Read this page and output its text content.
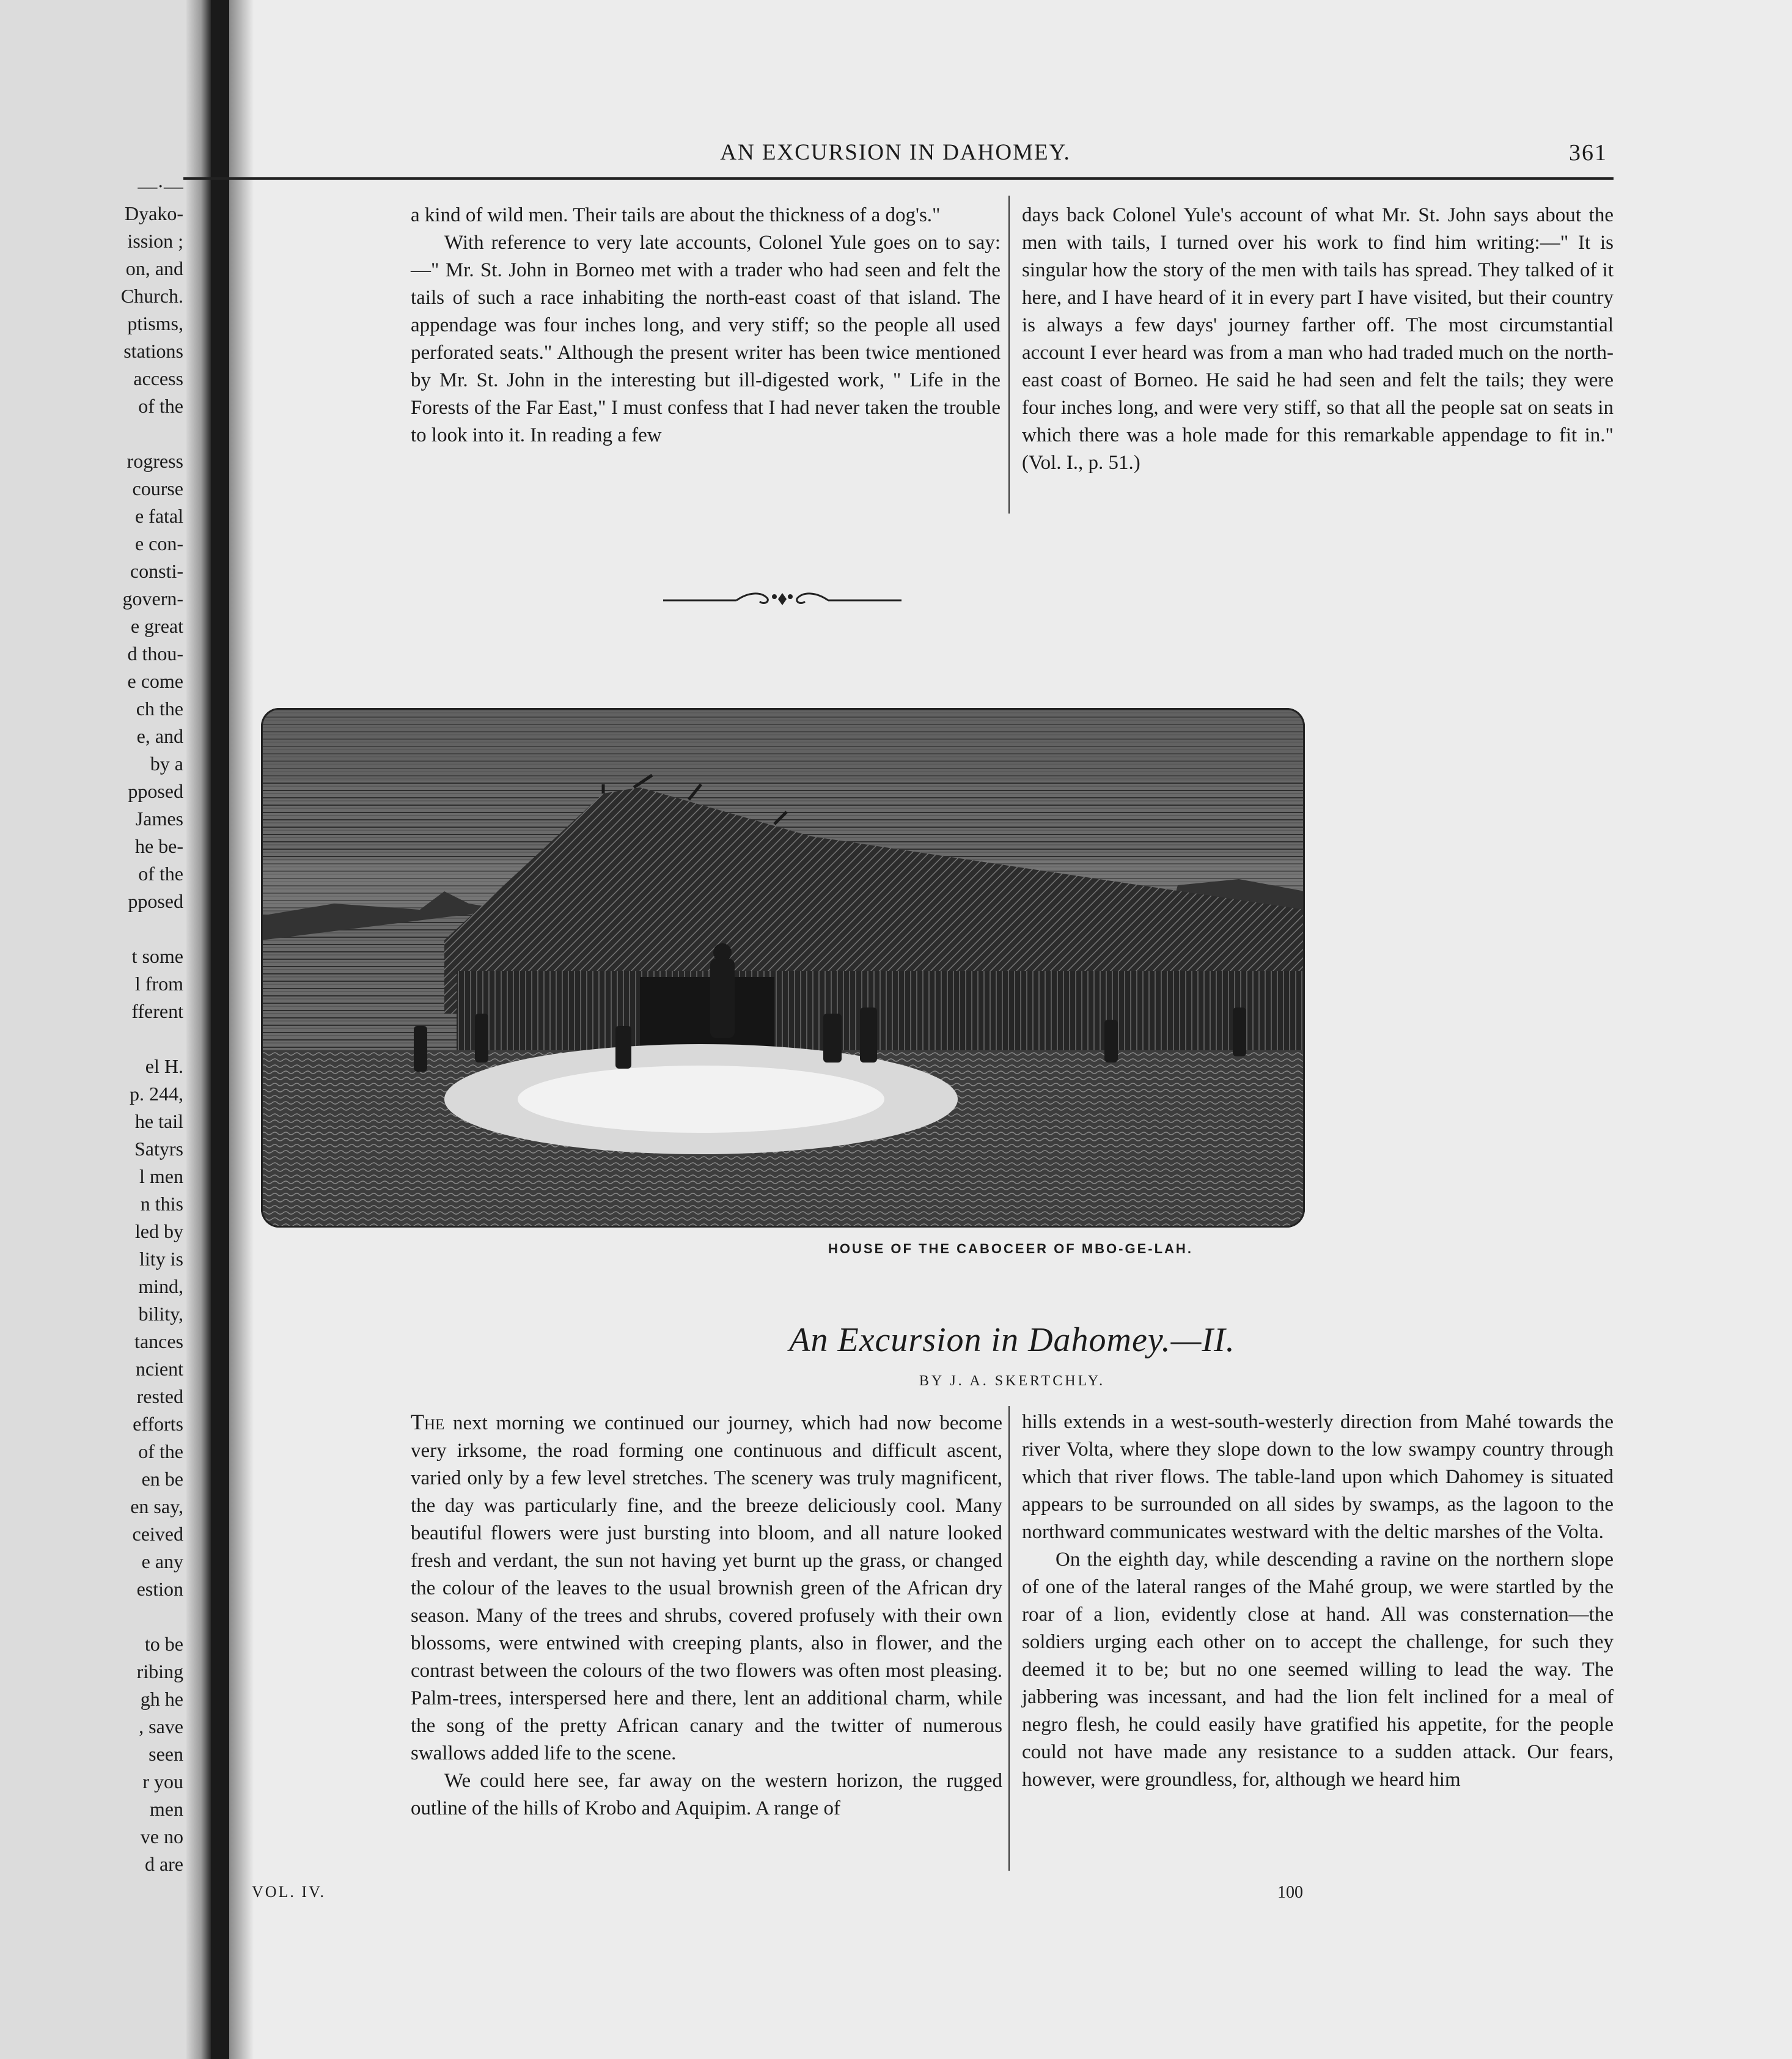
—·—
Dyako-
ission ;
on, and
Church.
ptisms,
stations
access
of the
rogress
course
e fatal
e con-
consti-
govern-
e great
d thou-
e come
ch the
e, and
by a
pposed
James
he be-
of the
pposed
t some
l from
fferent
el H.
p. 244,
he tail
Satyrs
l men
n this
led by
lity is
mind,
bility,
tances
ncient
rested
efforts
of the
en be
en say,
ceived
e any
estion
to be
ribing
gh he
, save
seen
r you
men
ve no
d are
AN EXCURSION IN DAHOMEY.	361

a kind of wild men. Their tails are about the thickness of a dog's."

With reference to very late accounts, Colonel Yule goes on to say:—" Mr. St. John in Borneo met with a trader who had seen and felt the tails of such a race inhabiting the north-east coast of that island. The appendage was four inches long, and very stiff; so the people all used perforated seats." Although the present writer has been twice mentioned by Mr. St. John in the interesting but ill-digested work, " Life in the Forests of the Far East," I must confess that I had never taken the trouble to look into it. In reading a few

days back Colonel Yule's account of what Mr. St. John says about the men with tails, I turned over his work to find him writing:—" It is singular how the story of the men with tails has spread. They talked of it here, and I have heard of it in every part I have visited, but their country is always a few days' journey farther off. The most circumstantial account I ever heard was from a man who had traded much on the north-east coast of Borneo. He said he had seen and felt the tails; they were four inches long, and were very stiff, so that all the people sat on seats in which there was a hole made for this remarkable appendage to fit in." (Vol. I., p. 51.)

HOUSE OF THE CABOCEER OF MBO-GE-LAH.
An Excursion in Dahomey.—II.
BY J. A. SKERTCHLY.

The next morning we continued our journey, which had now become very irksome, the road forming one continuous and difficult ascent, varied only by a few level stretches. The scenery was truly magnificent, the day was particularly fine, and the breeze deliciously cool. Many beautiful flowers were just bursting into bloom, and all nature looked fresh and verdant, the sun not having yet burnt up the grass, or changed the colour of the leaves to the usual brownish green of the African dry season. Many of the trees and shrubs, covered profusely with their own blossoms, were entwined with creeping plants, also in flower, and the contrast between the colours of the two flowers was often most pleasing. Palm-trees, interspersed here and there, lent an additional charm, while the song of the pretty African canary and the twitter of numerous swallows added life to the scene.

We could here see, far away on the western horizon, the rugged outline of the hills of Krobo and Aquipim. A range of

hills extends in a west-south-westerly direction from Mahé towards the river Volta, where they slope down to the low swampy country through which that river flows. The table-land upon which Dahomey is situated appears to be surrounded on all sides by swamps, as the lagoon to the northward communicates westward with the deltic marshes of the Volta.

On the eighth day, while descending a ravine on the northern slope of one of the lateral ranges of the Mahé group, we were startled by the roar of a lion, evidently close at hand. All was consternation—the soldiers urging each other on to accept the challenge, for such they deemed it to be; but no one seemed willing to lead the way. The jabbering was incessant, and had the lion felt inclined for a meal of negro flesh, he could easily have gratified his appetite, for the people could not have made any resistance to a sudden attack. Our fears, however, were groundless, for, although we heard him

VOL. IV.	100
